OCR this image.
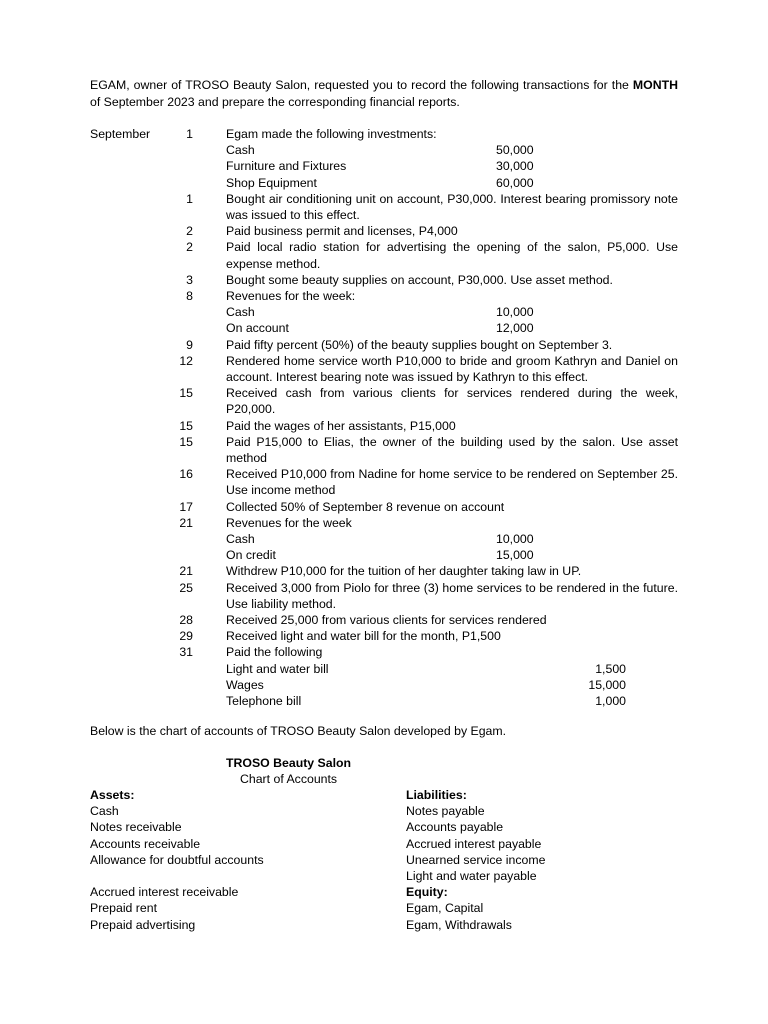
EGAM, owner of TROSO Beauty Salon, requested you to record the following transactions for the MONTH of September 2023 and prepare the corresponding financial reports.
September	1	Egam made the following investments:
Cash	50,000
Furniture and Fixtures	30,000
Shop Equipment	60,000
1	Bought air conditioning unit on account, P30,000. Interest bearing promissory note was issued to this effect.
2	Paid business permit and licenses, P4,000
2	Paid local radio station for advertising the opening of the salon, P5,000. Use expense method.
3	Bought some beauty supplies on account, P30,000. Use asset method.
8	Revenues for the week:
Cash	10,000
On account	12,000
9	Paid fifty percent (50%) of the beauty supplies bought on September 3.
12	Rendered home service worth P10,000 to bride and groom Kathryn and Daniel on account. Interest bearing note was issued by Kathryn to this effect.
15	Received cash from various clients for services rendered during the week, P20,000.
15	Paid the wages of her assistants, P15,000
15	Paid P15,000 to Elias, the owner of the building used by the salon. Use asset method
16	Received P10,000 from Nadine for home service to be rendered on September 25. Use income method
17	Collected 50% of September 8 revenue on account
21	Revenues for the week
Cash	10,000
On credit	15,000
21	Withdrew P10,000 for the tuition of her daughter taking law in UP.
25	Received 3,000 from Piolo for three (3) home services to be rendered in the future. Use liability method.
28	Received 25,000 from various clients for services rendered
29	Received light and water bill for the month, P1,500
31	Paid the following
Light and water bill	1,500
Wages	15,000
Telephone bill	1,000
Below is the chart of accounts of TROSO Beauty Salon developed by Egam.
TROSO Beauty Salon
Chart of Accounts
Assets:
Cash
Notes receivable
Accounts receivable
Allowance for doubtful accounts
Accrued interest receivable
Prepaid rent
Prepaid advertising
Liabilities:
Notes payable
Accounts payable
Accrued interest payable
Unearned service income
Light and water payable
Equity:
Egam, Capital
Egam, Withdrawals
